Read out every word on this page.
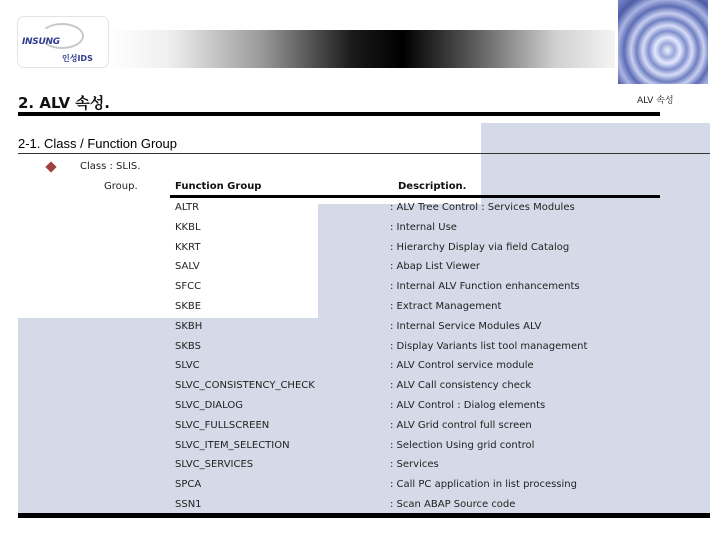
INSUNG
인성IDS
2. ALV 속성.	ALV 속성
2-1. Class / Function Group
Class : SLIS.
Group.	Function Group	Description.
ALTR	: ALV Tree Control : Services Modules
KKBL	: Internal Use
KKRT	: Hierarchy Display via field Catalog
SALV	: Abap List Viewer
SFCC	: Internal ALV Function enhancements
SKBE	: Extract Management
SKBH	: Internal Service Modules ALV
SKBS	: Display Variants list tool management
SLVC	: ALV Control service module
SLVC_CONSISTENCY_CHECK	: ALV Call consistency check
SLVC_DIALOG	: ALV Control : Dialog elements
SLVC_FULLSCREEN	: ALV Grid control full screen
SLVC_ITEM_SELECTION	: Selection Using grid control
SLVC_SERVICES	: Services
SPCA	: Call PC application in list processing
SSN1	: Scan ABAP Source code
